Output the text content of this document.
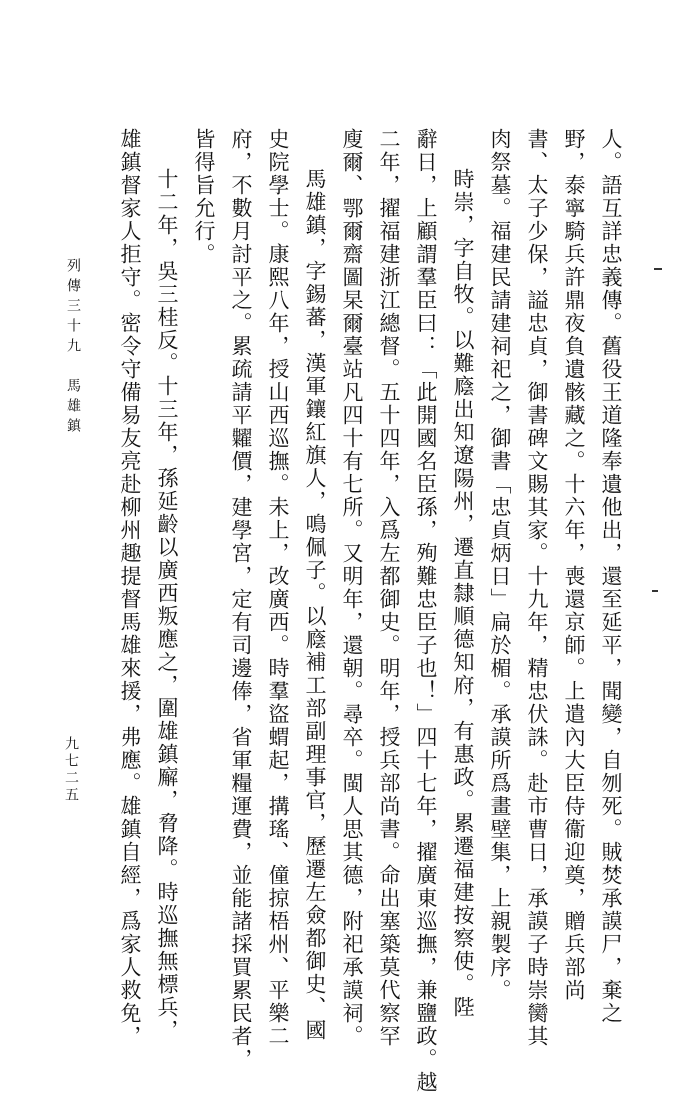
人。語互詳忠義傳。舊役王道隆奉遺他出，還至延平，聞變，自刎死。賊焚承謨尸，棄之
野，泰寧騎兵許鼎夜負遺骸藏之。十六年，喪還京師。上遣內大臣侍衞迎奠，贈兵部尚
書、太子少保，謚忠貞，御書碑文賜其家。十九年，精忠伏誅。赴市曹日，承謨子時崇臠其
肉祭墓。福建民請建祠祀之，御書「忠貞炳日」扁於楣。承謨所爲畫壁集，上親製序。
時崇，字自牧。以難廕出知遼陽州，遷直隸順德知府，有惠政。累遷福建按察使。陛
辭日，上顧謂羣臣曰：「此開國名臣孫，殉難忠臣子也！」四十七年，擢廣東巡撫，兼鹽政。越
二年，擢福建浙江總督。五十四年，入爲左都御史。明年，授兵部尚書。命出塞築莫代察罕
廋爾、鄂爾齋圖杲爾臺站凡四十有七所。又明年，還朝。尋卒。閩人思其德，附祀承謨祠。
馬雄鎮，字錫蕃，漢軍鑲紅旗人，鳴佩子。以廕補工部副理事官，歷遷左僉都御史、國
史院學士。康熙八年，授山西巡撫。未上，改廣西。時羣盜蝟起，搆瑤、僮掠梧州、平樂二
府，不數月討平之。累疏請平糶價，建學宮，定有司邊俸，省軍糧運費，並能諸採買累民者，
皆得旨允行。
十二年，吳三桂反。十三年，孫延齡以廣西叛應之，圍雄鎮廨，脅降。時巡撫無標兵，
雄鎮督家人拒守。密令守備易友亮赴柳州趣提督馬雄來援，弗應。雄鎮自經，爲家人救免，
列傳三十九　馬雄鎮
九七二五
